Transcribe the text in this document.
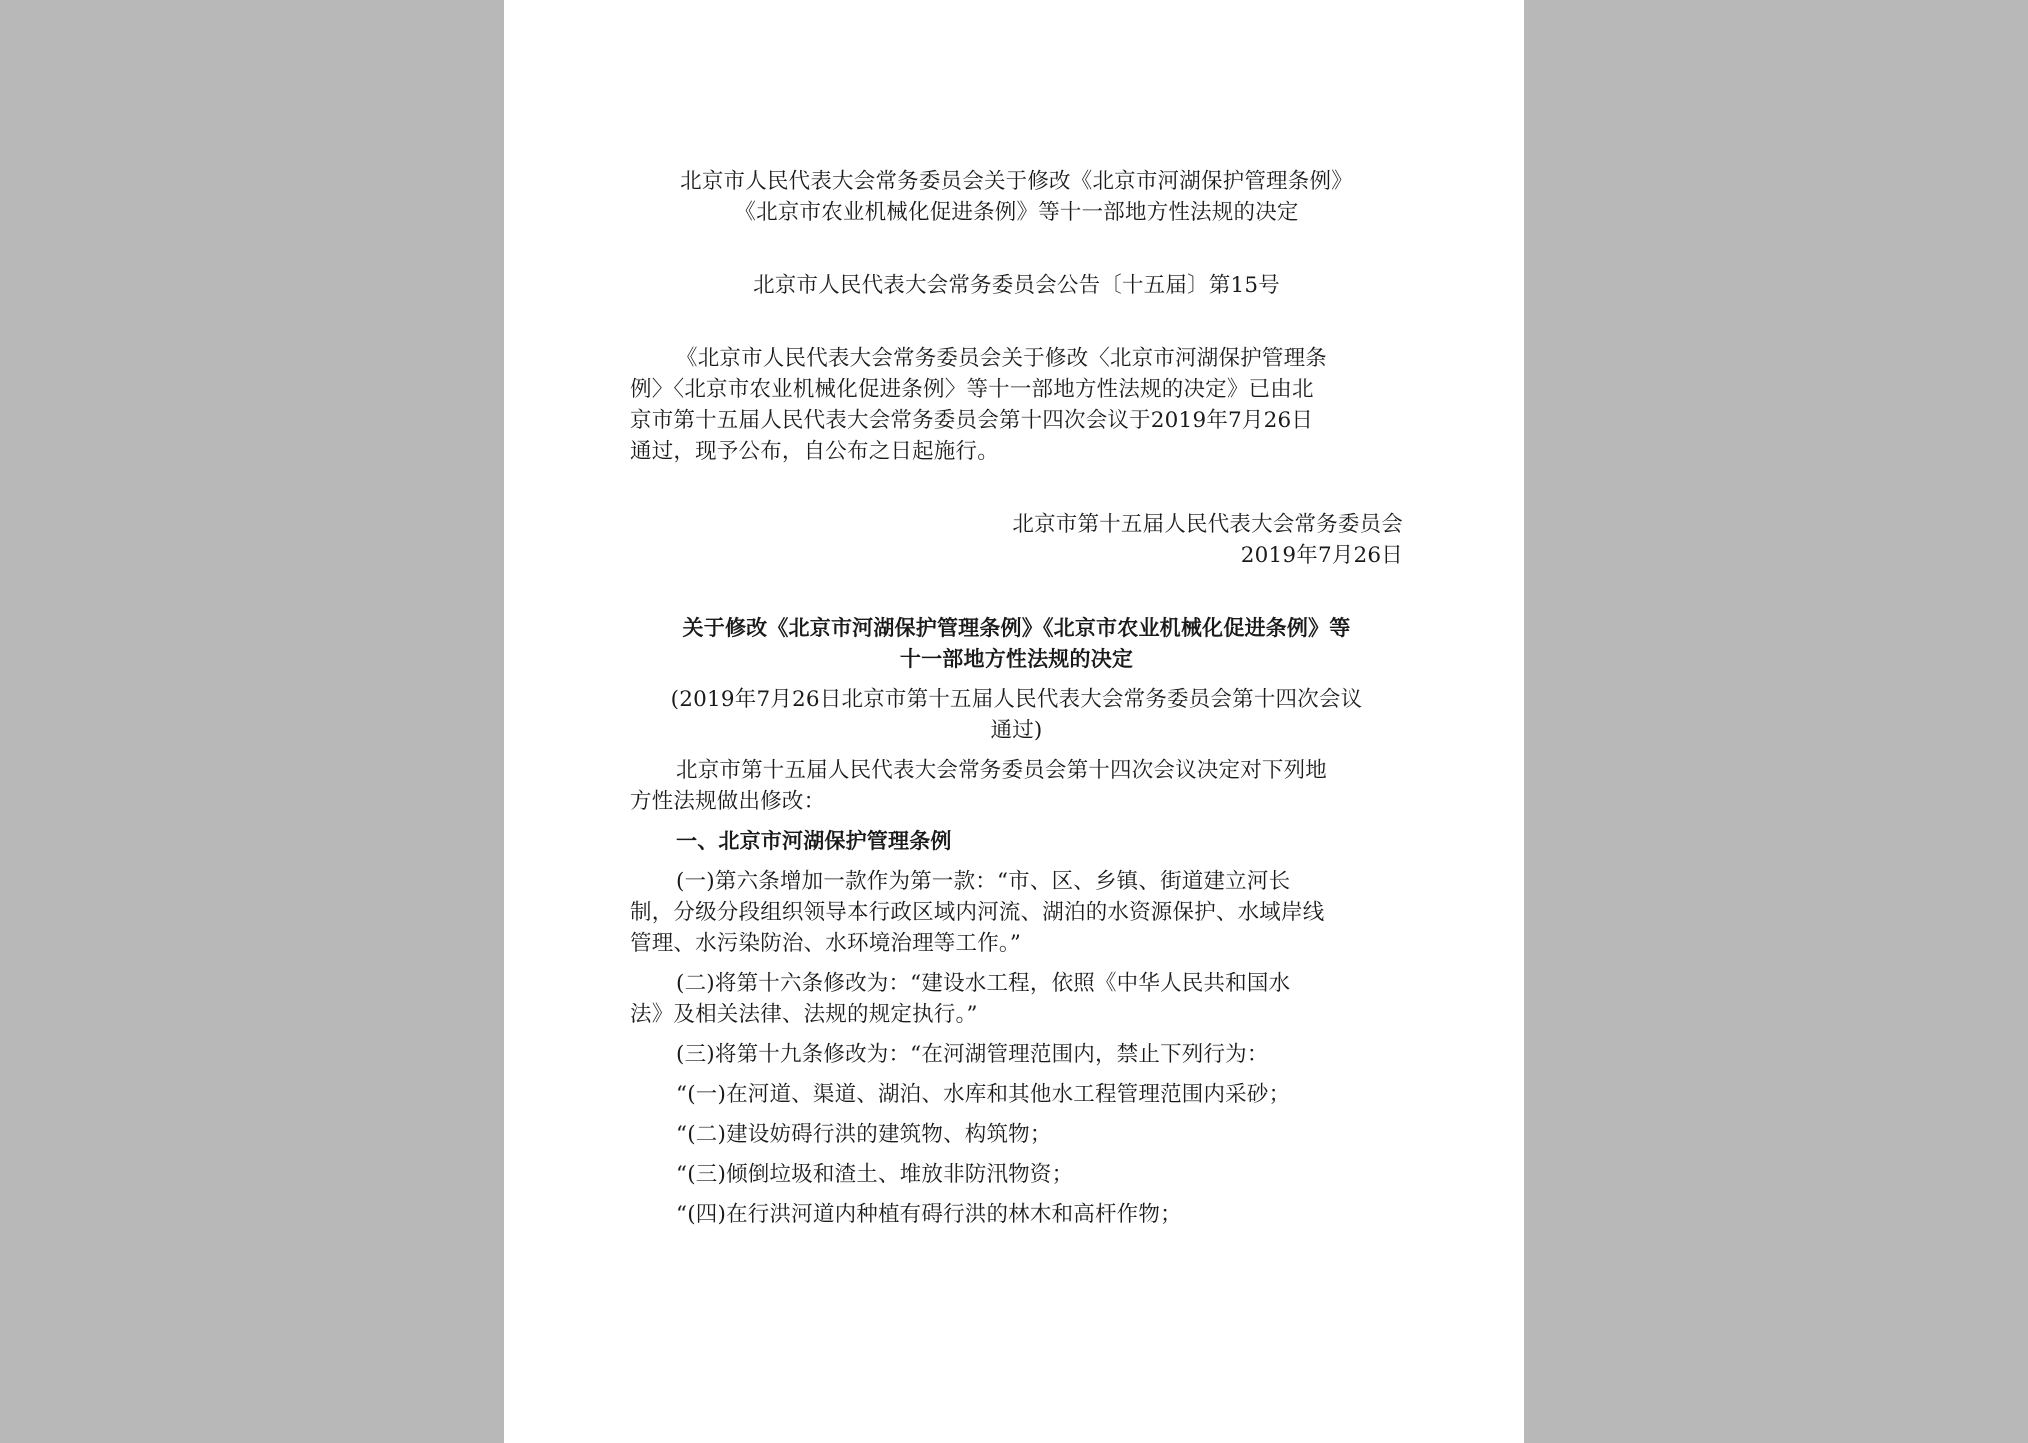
北京市人民代表大会常务委员会关于修改《北京市河湖保护管理条例》
《北京市农业机械化促进条例》等十一部地方性法规的决定
北京市人民代表大会常务委员会公告〔十五届〕第15号
《北京市人民代表大会常务委员会关于修改〈北京市河湖保护管理条
例〉〈北京市农业机械化促进条例〉等十一部地方性法规的决定》已由北
京市第十五届人民代表大会常务委员会第十四次会议于2019年7月26日
通过，现予公布，自公布之日起施行。
北京市第十五届人民代表大会常务委员会
2019年7月26日
关于修改《北京市河湖保护管理条例》《北京市农业机械化促进条例》等
十一部地方性法规的决定
(2019年7月26日北京市第十五届人民代表大会常务委员会第十四次会议
通过)
北京市第十五届人民代表大会常务委员会第十四次会议决定对下列地
方性法规做出修改：
一、北京市河湖保护管理条例
(一)第六条增加一款作为第一款：“市、区、乡镇、街道建立河长
制，分级分段组织领导本行政区域内河流、湖泊的水资源保护、水域岸线
管理、水污染防治、水环境治理等工作。”
(二)将第十六条修改为：“建设水工程，依照《中华人民共和国水
法》及相关法律、法规的规定执行。”
(三)将第十九条修改为：“在河湖管理范围内，禁止下列行为：
“(一)在河道、渠道、湖泊、水库和其他水工程管理范围内采砂；
“(二)建设妨碍行洪的建筑物、构筑物；
“(三)倾倒垃圾和渣土、堆放非防汛物资；
“(四)在行洪河道内种植有碍行洪的林木和高杆作物；
